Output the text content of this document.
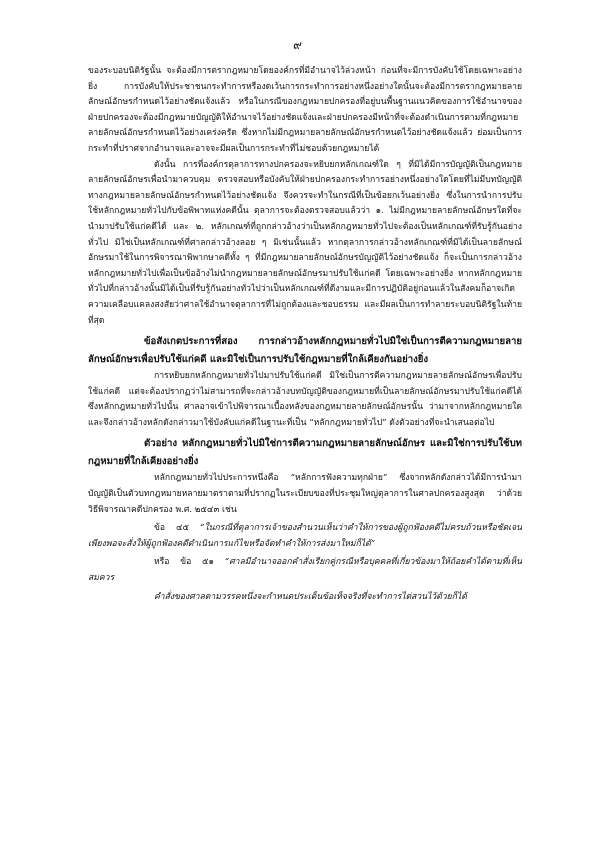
๙

ของระบอบนิติรัฐนั้น จะต้องมีการตรากฎหมายโดยองค์กรที่มีอำนาจไว้ล่วงหน้า ก่อนที่จะมีการบังคับใช้โดยเฉพาะอย่างยิ่ง การบังคับให้ประชาชนกระทำการหรืองดเว้นการกระทำการอย่างหนึ่งอย่างใดนั้นจะต้องมีการตรากฎหมายลายลักษณ์อักษรกำหนดไว้อย่างชัดแจ้งแล้ว หรือในกรณีของกฎหมายปกครองที่อยู่บนพื้นฐานแนวคิดของการใช้อำนาจของฝ่ายปกครองจะต้องมีกฎหมายบัญญัติให้อำนาจไว้อย่างชัดแจ้งและฝ่ายปกครองมีหน้าที่จะต้องดำเนินการตามที่กฎหมายลายลักษณ์อักษรกำหนดไว้อย่างเคร่งครัด ซึ่งหากไม่มีกฎหมายลายลักษณ์อักษรกำหนดไว้อย่างชัดแจ้งแล้ว ย่อมเป็นการกระทำที่ปราศจากอำนาจและอาจจะมีผลเป็นการกระทำที่ไม่ชอบด้วยกฎหมายได้

ดังนั้น การที่องค์กรตุลาการทางปกครองจะหยิบยกหลักเกณฑ์ใด ๆ ที่มิได้มีการบัญญัติเป็นกฎหมายลายลักษณ์อักษรเพื่อนำมาควบคุม ตรวจสอบหรือบังคับให้ฝ่ายปกครองกระทำการอย่างหนึ่งอย่างใดโดยที่ไม่มีบทบัญญัติทางกฎหมายลายลักษณ์อักษรกำหนดไว้อย่างชัดแจ้ง จึงควรจะทำในกรณีที่เป็นข้อยกเว้นอย่างยิ่ง ซึ่งในการนำการปรับใช้หลักกฎหมายทั่วไปกับข้อพิพาทแห่งคดีนั้น ตุลาการจะต้องตรวจสอบแล้วว่า ๑. ไม่มีกฎหมายลายลักษณ์อักษรใดที่จะนำมาปรับใช้แก่คดีได้ และ ๒. หลักเกณฑ์ที่ถูกกล่าวอ้างว่าเป็นหลักกฎหมายทั่วไปจะต้องเป็นหลักเกณฑ์ที่รับรู้กันอย่างทั่วไป มิใช่เป็นหลักเกณฑ์ที่ศาลกล่าวอ้างลอย ๆ มิเช่นนั้นแล้ว หากตุลาการกล่าวอ้างหลักเกณฑ์ที่มิได้เป็นลายลักษณ์อักษรมาใช้ในการพิจารณาพิพากษาคดีทั้ง ๆ ที่มีกฎหมายลายลักษณ์อักษรบัญญัติไว้อย่างชัดแจ้ง ก็จะเป็นการกล่าวอ้างหลักกฎหมายทั่วไปเพื่อเป็นข้ออ้างไม่นำกฎหมายลายลักษณ์อักษรมาปรับใช้แก่คดี โดยเฉพาะอย่างยิ่ง หากหลักกฎหมายทั่วไปที่กล่าวอ้างนั้นมิได้เป็นที่รับรู้กันอย่างทั่วไปว่าเป็นหลักเกณฑ์ที่ดีงามและมีการปฏิบัติอยู่ก่อนแล้วในสังคมก็อาจเกิดความเคลือบแคลงสงสัยว่าศาลใช้อำนาจตุลาการที่ไม่ถูกต้องและชอบธรรม และมีผลเป็นการทำลายระบอบนิติรัฐในท้ายที่สุด

ข้อสังเกตประการที่สอง การกล่าวอ้างหลักกฎหมายทั่วไปมิใช่เป็นการตีความกฎหมายลายลักษณ์อักษรเพื่อปรับใช้แก่คดี และมิใช่เป็นการปรับใช้กฎหมายที่ใกล้เคียงกันอย่างยิ่ง

การหยิบยกหลักกฎหมายทั่วไปมาปรับใช้แก่คดี มิใช่เป็นการตีความกฎหมายลายลักษณ์อักษรเพื่อปรับใช้แก่คดี แต่จะต้องปรากฏว่าไม่สามารถที่จะกล่าวอ้างบทบัญญัติของกฎหมายที่เป็นลายลักษณ์อักษรมาปรับใช้แก่คดีได้ ซึ่งหลักกฎหมายทั่วไปนั้น ศาลอาจเข้าไปพิจารณาเบื้องหลังของกฎหมายลายลักษณ์อักษรนั้น ว่ามาจากหลักกฎหมายใด และจึงกล่าวอ้างหลักดังกล่าวมาใช้บังคับแก่คดีในฐานะที่เป็น “หลักกฎหมายทั่วไป” ดังตัวอย่างที่จะนำเสนอต่อไป

ตัวอย่าง หลักกฎหมายทั่วไปมิใช่การตีความกฎหมายลายลักษณ์อักษร และมิใช่การปรับใช้บทกฎหมายที่ใกล้เคียงอย่างยิ่ง

หลักกฎหมายทั่วไปประการหนึ่งคือ “หลักการฟังความทุกฝ่าย” ซึ่งจากหลักดังกล่าวได้มีการนำมาบัญญัติเป็นตัวบทกฎหมายหลายมาตราตามที่ปรากฏในระเบียบของที่ประชุมใหญ่ตุลาการในศาลปกครองสูงสุด ว่าด้วยวิธีพิจารณาคดีปกครอง พ.ศ. ๒๕๔๓ เช่น

ข้อ ๔๕ “ในกรณีที่ตุลาการเจ้าของสำนวนเห็นว่าคำให้การของผู้ถูกฟ้องคดีไม่ครบถ้วนหรือชัดเจนเพียงพอจะสั่งให้ผู้ถูกฟ้องคดีดำเนินการแก้ไขหรือจัดทำคำให้การส่งมาใหม่ก็ได้”

หรือ ข้อ ๕๑ “ศาลมีอำนาจออกคำสั่งเรียกคู่กรณีหรือบุคคลที่เกี่ยวข้องมาให้ถ้อยคำได้ตามที่เห็นสมควร

คำสั่งของศาลตามวรรคหนึ่งจะกำหนดประเด็นข้อเท็จจริงที่จะทำการไต่สวนไว้ด้วยก็ได้
